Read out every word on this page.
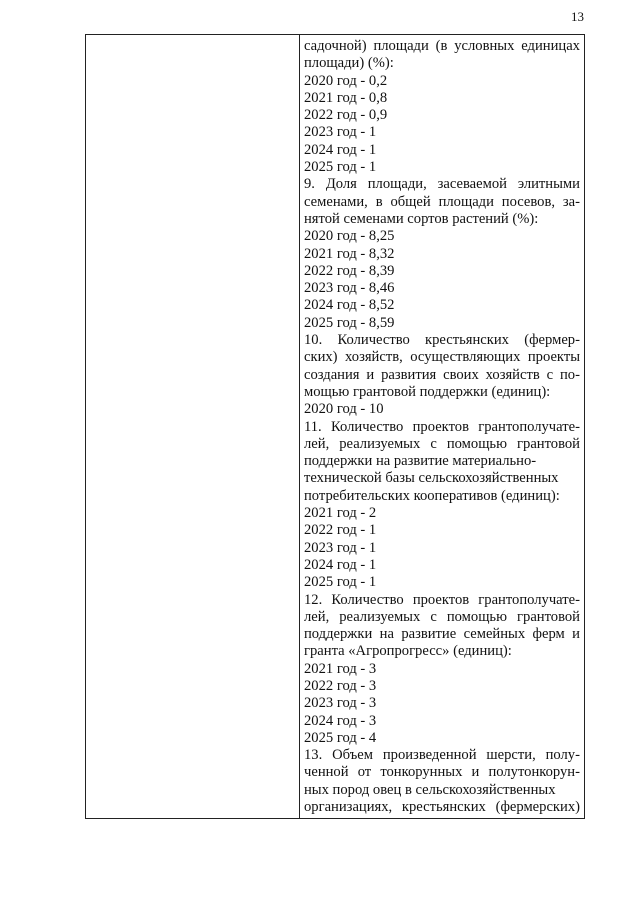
13
садочной) площади (в условных единицах
площади) (%):
2020 год - 0,2
2021 год - 0,8
2022 год - 0,9
2023 год - 1
2024 год - 1
2025 год - 1
9. Доля площади, засеваемой элитными
семенами, в общей площади посевов, за-
нятой семенами сортов растений (%):
2020 год - 8,25
2021 год - 8,32
2022 год - 8,39
2023 год - 8,46
2024 год - 8,52
2025 год - 8,59
10. Количество крестьянских (фермер-
ских) хозяйств, осуществляющих проекты
создания и развития своих хозяйств с по-
мощью грантовой поддержки (единиц):
2020 год - 10
11. Количество проектов грантополучате-
лей, реализуемых с помощью грантовой
поддержки на развитие материально-
технической базы сельскохозяйственных
потребительских кооперативов (единиц):
2021 год - 2
2022 год - 1
2023 год - 1
2024 год - 1
2025 год - 1
12. Количество проектов грантополучате-
лей, реализуемых с помощью грантовой
поддержки на развитие семейных ферм и
гранта «Агропрогресс» (единиц):
2021 год - 3
2022 год - 3
2023 год - 3
2024 год - 3
2025 год - 4
13. Объем произведенной шерсти, полу-
ченной от тонкорунных и полутонкорун-
ных пород овец в сельскохозяйственных
организациях, крестьянских (фермерских)
